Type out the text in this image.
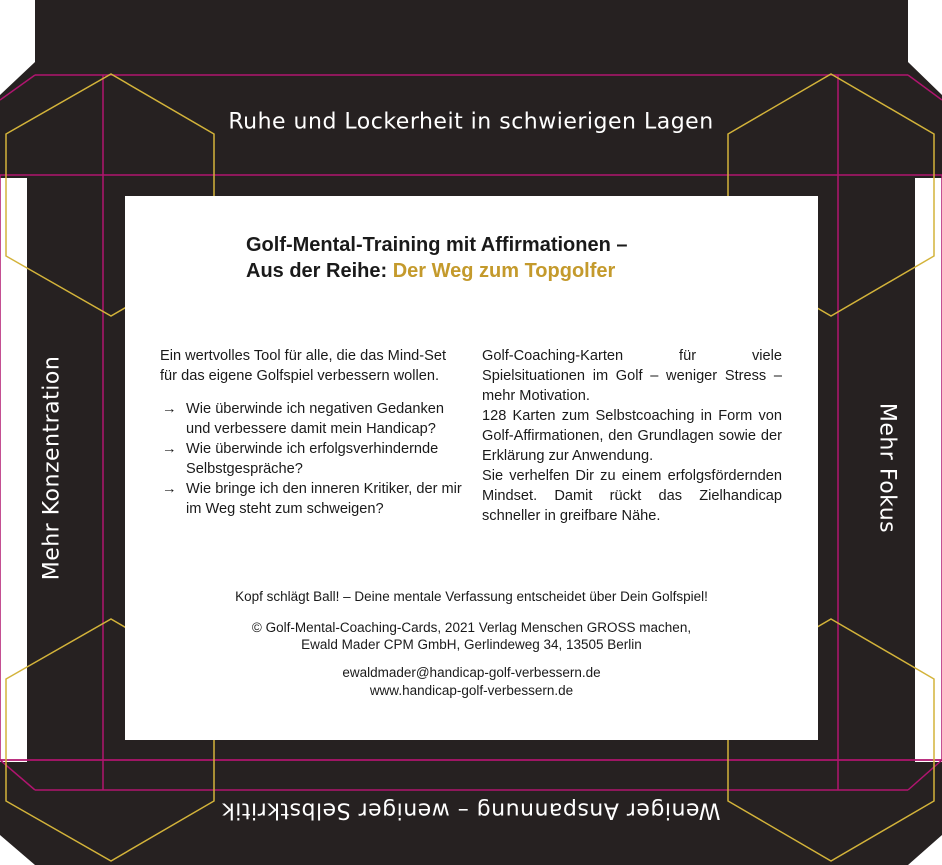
Ruhe und Lockerheit in schwierigen Lagen
Mehr Konzentration	Mehr Fokus
Weniger Anspannung – weniger Selbstkritik
Golf-Mental-Training mit Affirmationen –
Aus der Reihe: Der Weg zum Topgolfer
Ein wertvolles Tool für alle, die das Mind-Set für das eigene Golfspiel verbessern wollen.
→ Wie überwinde ich negativen Gedanken und verbessere damit mein Handicap?
→ Wie überwinde ich erfolgsverhindernde Selbstgespräche?
→ Wie bringe ich den inneren Kritiker, der mir im Weg steht zum schweigen?
Golf-Coaching-Karten für viele Spielsituationen im Golf – weniger Stress – mehr Motivation.
128 Karten zum Selbstcoaching in Form von Golf-Affirmationen, den Grundlagen sowie der Erklärung zur Anwendung.
Sie verhelfen Dir zu einem erfolgsfördernden Mindset. Damit rückt das Zielhandicap schneller in greifbare Nähe.
Kopf schlägt Ball! – Deine mentale Verfassung entscheidet über Dein Golfspiel!
© Golf-Mental-Coaching-Cards, 2021 Verlag Menschen GROSS machen,
Ewald Mader CPM GmbH, Gerlindeweg 34, 13505 Berlin
ewaldmader@handicap-golf-verbessern.de
www.handicap-golf-verbessern.de
